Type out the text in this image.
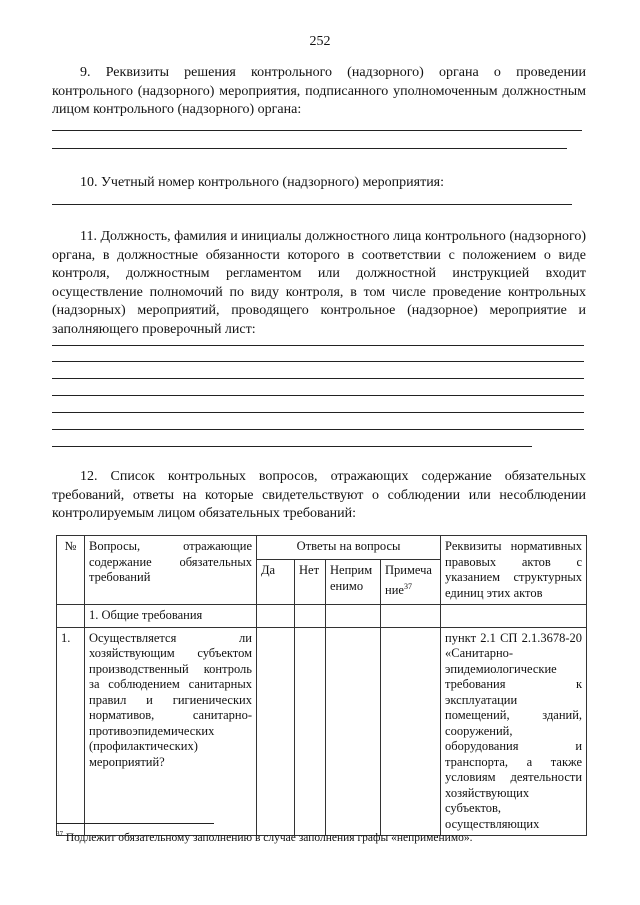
252

9. Реквизиты решения контрольного (надзорного) органа о проведении контрольного (надзорного) мероприятия, подписанного уполномоченным должностным лицом контрольного (надзорного) органа:

10. Учетный номер контрольного (надзорного) мероприятия:

11. Должность, фамилия и инициалы должностного лица контрольного (надзорного) органа, в должностные обязанности которого в соответствии с положением о виде контроля, должностным регламентом или должностной инструкцией входит осуществление полномочий по виду контроля, в том числе проведение контрольных (надзорных) мероприятий, проводящего контрольное (надзорное) мероприятие и заполняющего проверочный лист:

12. Список контрольных вопросов, отражающих содержание обязательных требований, ответы на которые свидетельствуют о соблюдении или несоблюдении контролируемым лицом обязательных требований:

№	Вопросы, отражающие содержание обязательных требований	Ответы на вопросы				Реквизиты нормативных правовых актов с указанием структурных единиц этих актов
		Да	Нет	Неприменимо	Примечание$^{37}$
	1. Общие требования					
1.	Осуществляется ли хозяйствующим субъектом производственный контроль за соблюдением санитарных правил и гигиенических нормативов, санитарно-противоэпидемических (профилактических) мероприятий?					пункт 2.1 СП 2.1.3678-20 «Санитарно-эпидемиологические требования к эксплуатации помещений, зданий, сооружений, оборудования и транспорта, а также условиям деятельности хозяйствующих субъектов, осуществляющих
$^{37}$ Подлежит обязательному заполнению в случае заполнения графы «неприменимо».
